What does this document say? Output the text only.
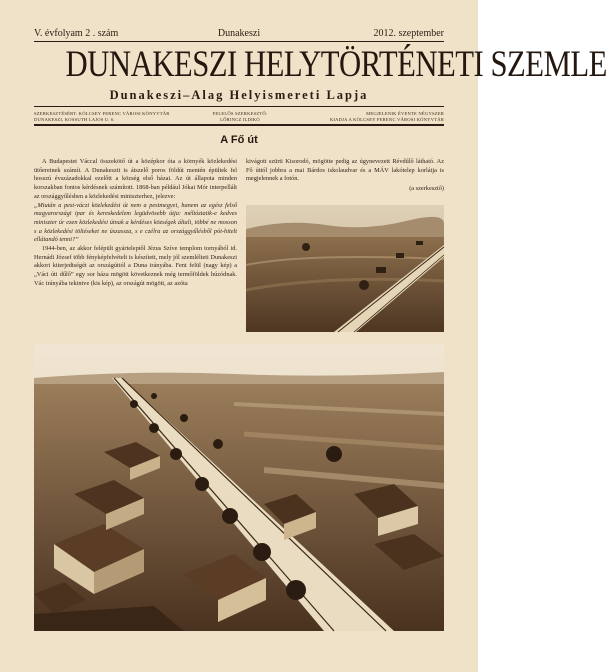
V. évfolyam 2 . szám	Dunakeszi	2012. szeptember
DUNAKESZI HELYTÖRTÉNETI SZEMLE
Dunakeszi–Alag Helyismereti Lapja
SZERKESZTÉSÉRT: KÖLCSEY FERENC VÁROSI KÖNYVTÁR
DUNAKESZI, KOSSUTH LAJOS U. 6.
FELELŐS SZERKESZTŐ:
LŐRINCZ ILDIKÓ
MEGJELENIK ÉVENTE NÉGYSZER
KIADJA A KÖLCSEY FERENC VÁROSI KÖNYVTÁR
A Fő út

A Budapestet Váccal összekötő út a középkor óta a környék közlekedési ütőereinek számít. A Dunakeszit is átszelő poros földút mentén épültek fel hosszú évszázadokkal ezelőtt a község első házai. Az út állapota minden korszakban fontos kérdésnek számított. 1868-ban például Jókai Mór interpellált az országgyűlésben a közlekedési miniszterhez, jelezve:

„Miután a pest-váczi közlekedési út nem a pestmegyei, hanem az egész felső magyarországi ipar és kereskedelem legüdvösebb útja: méltóztatik-e kedves miniszter úr ezen közlekedési útnak a kérdéses községek általi, többé ne mosson s a közlekedési töltéseket ne úszassza, s e czélra az országgyűlésből pót-hitelt ellátandó tenni?”

1944-ben, az akkor felépült gyárteleptől Jézus Szíve templom tornyából id. Hernádi József több fényképfelvételt is készített, mely jól szemlélteti Dunakeszi akkori kiterjedtségét az országúttól a Duna irányába. Fent felül (nagy kép) a „Váci úti dűlő” egy sor háza mögött következnek még termőföldek húzódnak. Vác irányába tekintve (kis kép), az országút mögött, az azóta

kivágott szürti Kisorodó, mögötte pedig az úgynevezett Révdűlő látható. Az Fő úttól jobbra a mai Bárdos iskolaudvar és a MÁV lakótelep korlátja is megjelennek a fotón.

(a szerkesztő)
